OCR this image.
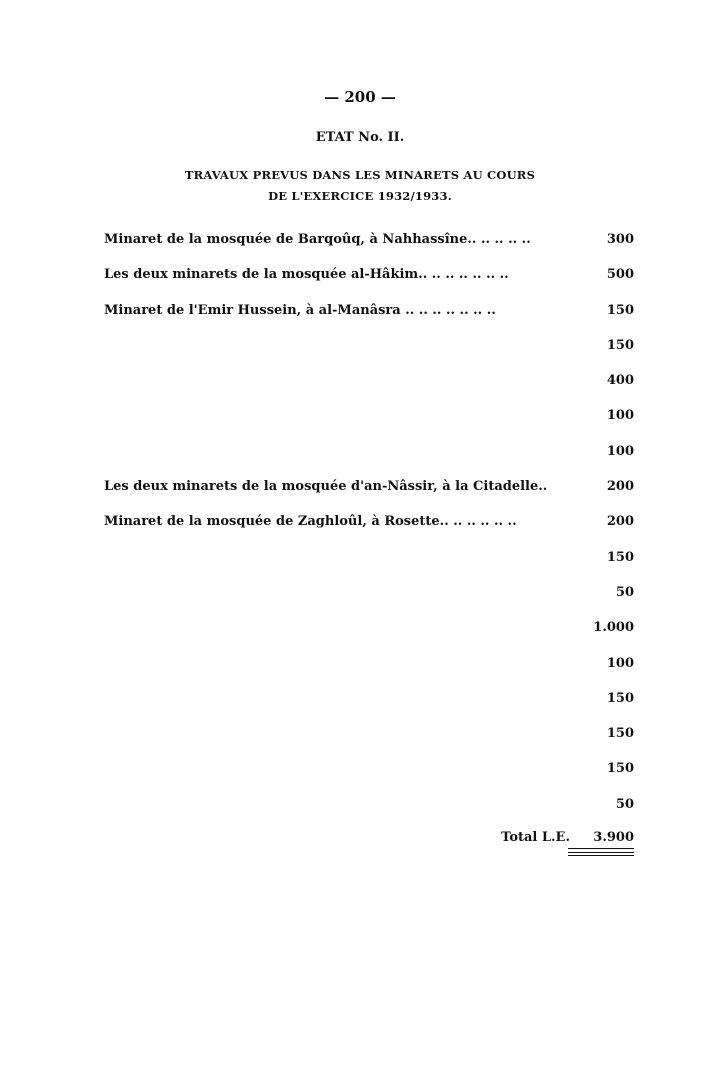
— 200 —
ETAT No. II.
TRAVAUX PREVUS DANS LES MINARETS AU COURS
DE L'EXERCICE 1932/1933.
Minaret de la mosquée de Barqoûq, à Nahhassîne.. .. .. .. ..	300
Les deux minarets de la mosquée al-Hâkim.. .. .. .. .. .. ..	500
Minaret de l'Emir Hussein, à al-Manâsra .. .. .. .. .. .. ..	150
150
400
100
100
Les deux minarets de la mosquée d'an-Nâssir, à la Citadelle..	200
Minaret de la mosquée de Zaghloûl, à Rosette.. .. .. .. .. ..	200
150
50
1.000
100
150
150
150
50
Total L.E. 3.900
